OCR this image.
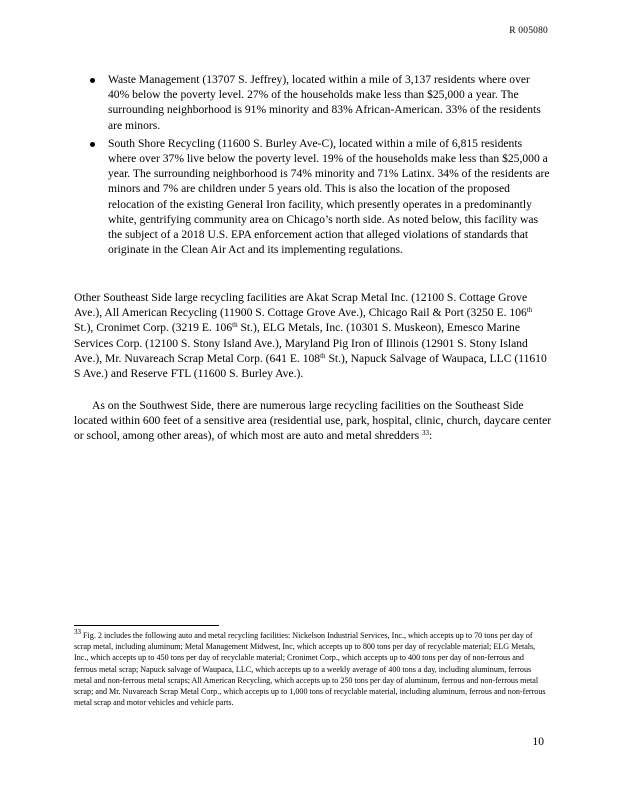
R 005080
Waste Management (13707 S. Jeffrey), located within a mile of 3,137 residents where over 40% below the poverty level. 27% of the households make less than $25,000 a year. The surrounding neighborhood is 91% minority and 83% African-American. 33% of the residents are minors.
South Shore Recycling (11600 S. Burley Ave-C), located within a mile of 6,815 residents where over 37% live below the poverty level. 19% of the households make less than $25,000 a year. The surrounding neighborhood is 74% minority and 71% Latinx. 34% of the residents are minors and 7% are children under 5 years old. This is also the location of the proposed relocation of the existing General Iron facility, which presently operates in a predominantly white, gentrifying community area on Chicago’s north side. As noted below, this facility was the subject of a 2018 U.S. EPA enforcement action that alleged violations of standards that originate in the Clean Air Act and its implementing regulations.

Other Southeast Side large recycling facilities are Akat Scrap Metal Inc. (12100 S. Cottage Grove Ave.), All American Recycling (11900 S. Cottage Grove Ave.), Chicago Rail & Port (3250 E. 106th St.), Cronimet Corp. (3219 E. 106th St.), ELG Metals, Inc. (10301 S. Muskeon), Emesco Marine Services Corp. (12100 S. Stony Island Ave.), Maryland Pig Iron of Illinois (12901 S. Stony Island Ave.), Mr. Nuvareach Scrap Metal Corp. (641 E. 108th St.), Napuck Salvage of Waupaca, LLC (11610 S Ave.) and Reserve FTL (11600 S. Burley Ave.).

As on the Southwest Side, there are numerous large recycling facilities on the Southeast Side located within 600 feet of a sensitive area (residential use, park, hospital, clinic, church, daycare center or school, among other areas), of which most are auto and metal shredders $^{33}$:

$^{33}$ Fig. 2 includes the following auto and metal recycling facilities: Nickelson Industrial Services, Inc., which accepts up to 70 tons per day of scrap metal, including aluminum; Metal Management Midwest, Inc, which accepts up to 800 tons per day of recyclable material; ELG Metals, Inc., which accepts up to 450 tons per day of recyclable material; Cronimet Corp., which accepts up to 400 tons per day of non-ferrous and ferrous metal scrap; Napuck salvage of Waupaca, LLC, which accepts up to a weekly average of 400 tons a day, including aluminum, ferrous metal and non-ferrous metal scraps; All American Recycling, which accepts up to 250 tons per day of aluminum, ferrous and non-ferrous metal scrap; and Mr. Nuvareach Scrap Metal Corp., which accepts up to 1,000 tons of recyclable material, including aluminum, ferrous and non-ferrous metal scrap and motor vehicles and vehicle parts.

10
